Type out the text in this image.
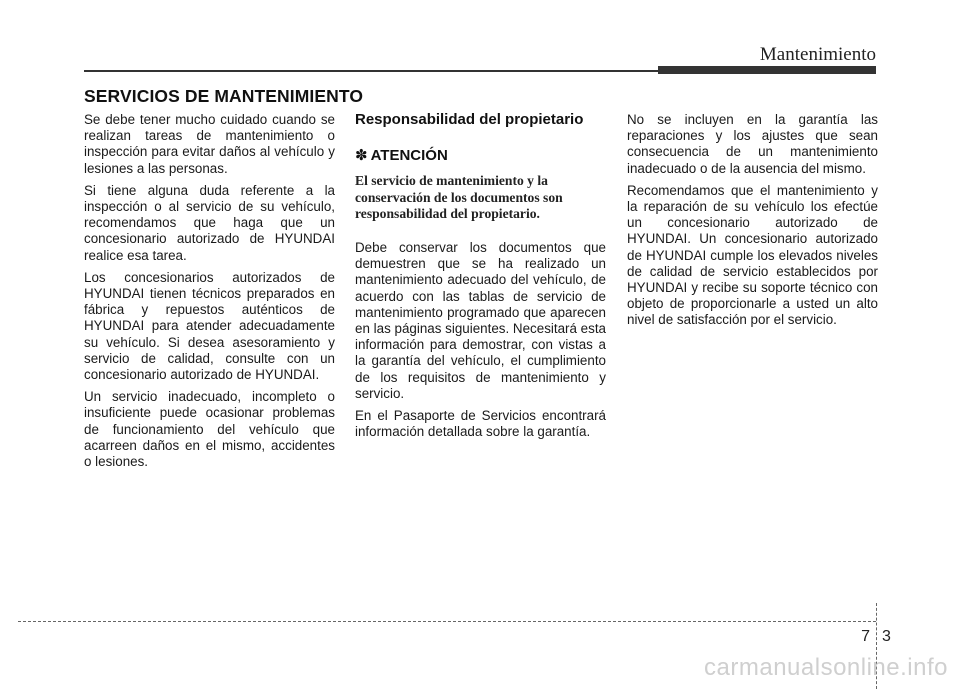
Mantenimiento
SERVICIOS DE MANTENIMIENTO

Se debe tener mucho cuidado cuando se realizan tareas de mantenimiento o inspección para evitar daños al vehículo y lesiones a las personas.

Si tiene alguna duda referente a la inspección o al servicio de su vehículo, recomendamos que haga que un concesionario autorizado de HYUNDAI realice esa tarea.

Los concesionarios autorizados de HYUNDAI tienen técnicos preparados en fábrica y repuestos auténticos de HYUNDAI para atender adecuadamente su vehículo. Si desea asesoramiento y servicio de calidad, consulte con un concesionario autorizado de HYUNDAI.

Un servicio inadecuado, incompleto o insuficiente puede ocasionar problemas de funcionamiento del vehículo que acarreen daños en el mismo, accidentes o lesiones.

Responsabilidad del propietario
✽ ATENCIÓN
El servicio de mantenimiento y la conservación de los documentos son responsabilidad del propietario.

Debe conservar los documentos que demuestren que se ha realizado un mantenimiento adecuado del vehículo, de acuerdo con las tablas de servicio de mantenimiento programado que aparecen en las páginas siguientes. Necesitará esta información para demostrar, con vistas a la garantía del vehículo, el cumplimiento de los requisitos de mantenimiento y servicio.

En el Pasaporte de Servicios encontrará información detallada sobre la garantía.

No se incluyen en la garantía las reparaciones y los ajustes que sean consecuencia de un mantenimiento inadecuado o de la ausencia del mismo.

Recomendamos que el mantenimiento y la reparación de su vehículo los efectúe un concesionario autorizado de HYUNDAI. Un concesionario autorizado de HYUNDAI cumple los elevados niveles de calidad de servicio establecidos por HYUNDAI y recibe su soporte técnico con objeto de proporcionarle a usted un alto nivel de satisfacción por el servicio.

7 3
carmanualsonline.info
